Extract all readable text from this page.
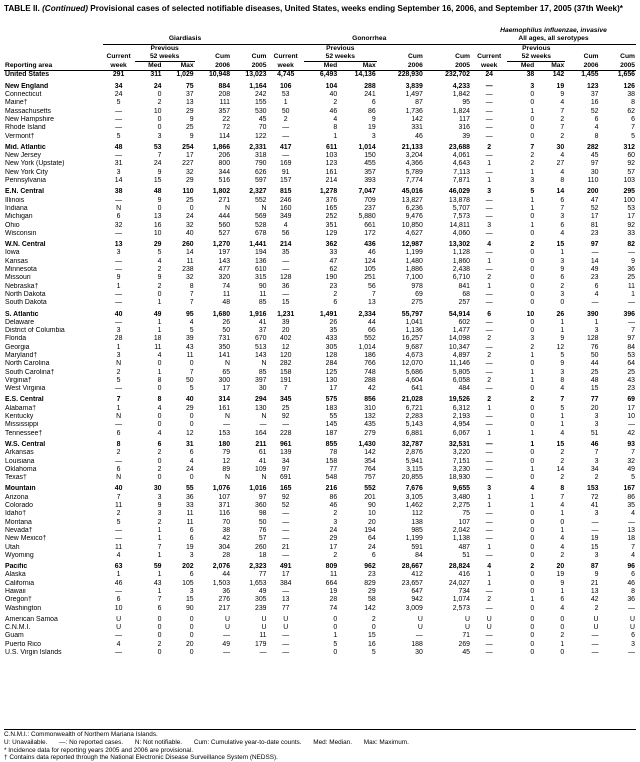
TABLE II. (Continued) Provisional cases of selected notifiable diseases, United States, weeks ending September 16, 2006, and September 17, 2005 (37th Week)*
											Haemophilus influenzae, invasive				
	Giardiasis					Gonorrhea					All ages, all serotypes				
		Previous					Previous					Previous			
	Current	52 weeks		Cum	Cum	Current	52 weeks		Cum	Cum	Current	52 weeks		Cum	Cum
Reporting area	week	Med	Max	2006	2005	week	Med	Max	2006	2005	week	Med	Max	2006	2005
United States	291	311	1,029	10,948	13,023	4,745	6,493	14,136	228,930	232,702	24	38	142	1,455	1,656

New England	34	24	75	884	1,164	106	104	288	3,839	4,233	—	3	19	123	126
Connecticut	24	0	37	208	242	53	40	241	1,497	1,842	—	0	9	37	38
Maine†	5	2	13	111	155	1	2	6	87	95	—	0	4	16	8
Massachusetts	—	10	29	357	530	50	46	86	1,736	1,824	—	1	7	52	62
New Hampshire	—	0	9	22	45	2	4	9	142	117	—	0	2	6	6
Rhode Island	—	0	25	72	70	—	8	19	331	316	—	0	7	4	7
Vermont†	5	3	9	114	122	—	1	3	46	39	—	0	2	8	5

Mid. Atlantic	48	53	254	1,866	2,331	417	611	1,014	21,133	23,688	2	7	30	282	312
New Jersey	—	7	17	206	318	—	103	150	3,204	4,061	—	2	4	45	60
New York (Upstate)	31	24	227	800	790	169	123	455	4,366	4,643	1	2	27	97	92
New York City	3	9	32	344	626	91	161	357	5,789	7,113	—	1	4	30	57
Pennsylvania	14	15	29	516	597	157	214	393	7,774	7,871	1	3	8	110	103

E.N. Central	38	48	110	1,802	2,327	815	1,278	7,047	45,016	46,029	3	5	14	200	295
Illinois	—	9	25	271	552	246	376	709	13,827	13,878	—	1	6	47	100
Indiana	N	0	0	N	N	160	165	237	6,236	5,707	—	1	7	52	53
Michigan	6	13	24	444	569	349	252	5,880	9,476	7,573	—	0	3	17	17
Ohio	32	16	32	560	528	4	351	661	10,850	14,811	3	1	6	81	92
Wisconsin	—	10	40	527	678	56	129	172	4,627	4,060	—	0	4	23	33

W.N. Central	13	29	260	1,270	1,441	214	362	436	12,987	13,302	4	2	15	97	82
Iowa	3	5	14	197	194	35	33	46	1,199	1,128	—	0	1	—	—
Kansas	—	4	11	143	136	—	47	124	1,480	1,860	1	0	3	14	9
Minnesota	—	2	238	477	610	—	62	105	1,886	2,438	—	0	9	49	36
Missouri	9	9	32	320	315	128	190	251	7,100	6,710	2	0	6	23	25
Nebraska†	1	2	8	74	90	36	23	56	978	841	1	0	2	6	11
North Dakota	—	0	7	11	11	—	2	7	69	68	—	0	3	4	1
South Dakota	—	1	7	48	85	15	6	13	275	257	—	0	0	—	—

S. Atlantic	40	49	95	1,680	1,916	1,231	1,491	2,334	55,797	54,914	6	10	26	390	396
Delaware	—	1	4	26	41	39	26	44	1,041	602	—	0	1	1	—
District of Columbia	3	1	5	50	37	20	35	66	1,136	1,477	—	0	1	3	7
Florida	28	18	39	731	670	402	433	552	16,257	14,098	2	3	9	128	97
Georgia	1	11	43	350	513	12	305	1,014	9,687	10,347	—	2	12	76	84
Maryland†	3	4	11	141	143	120	128	186	4,673	4,897	2	1	5	50	53
North Carolina	N	0	0	N	N	282	284	766	12,070	11,146	—	0	9	44	64
South Carolina†	2	1	7	65	85	158	125	748	5,686	5,805	—	1	3	25	25
Virginia†	5	8	50	300	397	191	130	288	4,604	6,058	2	1	8	48	43
West Virginia	—	0	5	17	30	7	17	42	641	484	—	0	4	15	23

E.S. Central	7	8	40	314	294	345	575	856	21,028	19,526	2	2	7	77	69
Alabama†	1	4	29	161	130	25	183	310	6,721	6,312	1	0	5	20	17
Kentucky	N	0	0	N	N	92	55	132	2,283	2,193	—	0	1	3	10
Mississippi	—	0	0	—	—	—	145	435	5,143	4,954	—	0	1	3	—
Tennessee†	6	4	12	153	164	228	187	279	6,881	6,067	1	1	4	51	42

W.S. Central	8	6	31	180	211	961	855	1,430	32,787	32,531	—	1	15	46	93
Arkansas	2	2	6	79	61	139	78	142	2,876	3,220	—	0	2	7	7
Louisiana	—	0	4	12	41	34	158	354	5,941	7,151	—	0	2	3	32
Oklahoma	6	2	24	89	109	97	77	764	3,115	3,230	—	1	14	34	49
Texas†	N	0	0	N	N	691	548	757	20,855	18,930	—	0	2	2	5

Mountain	40	30	55	1,076	1,016	165	216	552	7,676	9,655	3	4	8	153	167
Arizona	7	3	36	107	97	92	86	201	3,105	3,480	1	1	7	72	86
Colorado	11	9	33	371	360	52	46	90	1,462	2,275	1	1	4	41	35
Idaho†	2	3	11	116	98	—	2	10	112	75	—	0	1	3	4
Montana	5	2	11	70	50	—	3	20	138	107	—	0	0	—	—
Nevada†	—	1	6	38	76	—	24	194	985	2,042	—	0	1	—	13
New Mexico†	—	1	6	42	57	—	29	64	1,199	1,138	—	0	4	19	18
Utah	11	7	19	304	260	21	17	24	591	487	1	0	4	15	7
Wyoming	4	1	3	28	18	—	2	6	84	51	—	0	2	3	4

Pacific	63	59	202	2,076	2,323	491	809	962	28,667	28,824	4	2	20	87	96
Alaska	1	1	6	44	77	17	11	23	412	416	1	0	19	9	6
California	46	43	105	1,503	1,653	384	664	829	23,657	24,027	1	0	9	21	46
Hawaii	—	1	3	36	49	—	19	29	647	734	—	0	1	13	8
Oregon†	6	7	15	276	305	13	28	58	942	1,074	2	1	6	42	36
Washington	10	6	90	217	239	77	74	142	3,009	2,573	—	0	4	2	—

American Samoa	U	0	0	U	U	U	0	2	U	U	U	0	0	U	U
C.N.M.I.	U	0	0	U	U	U	0	0	U	U	U	0	0	U	U
Guam	—	0	0	—	11	—	1	15	—	71	—	0	2	—	6
Puerto Rico	4	2	20	49	179	—	5	16	188	269	—	0	1	—	3
U.S. Virgin Islands	—	0	0	—	—	—	0	5	30	45	—	0	0	—	—
C.N.M.I.: Commonwealth of Northern Mariana Islands.
U: Unavailable. —: No reported cases. N: Not notifiable. Cum: Cumulative year-to-date counts. Med: Median. Max: Maximum.
* Incidence data for reporting years 2005 and 2006 are provisional.
† Contains data reported through the National Electronic Disease Surveillance System (NEDSS).
